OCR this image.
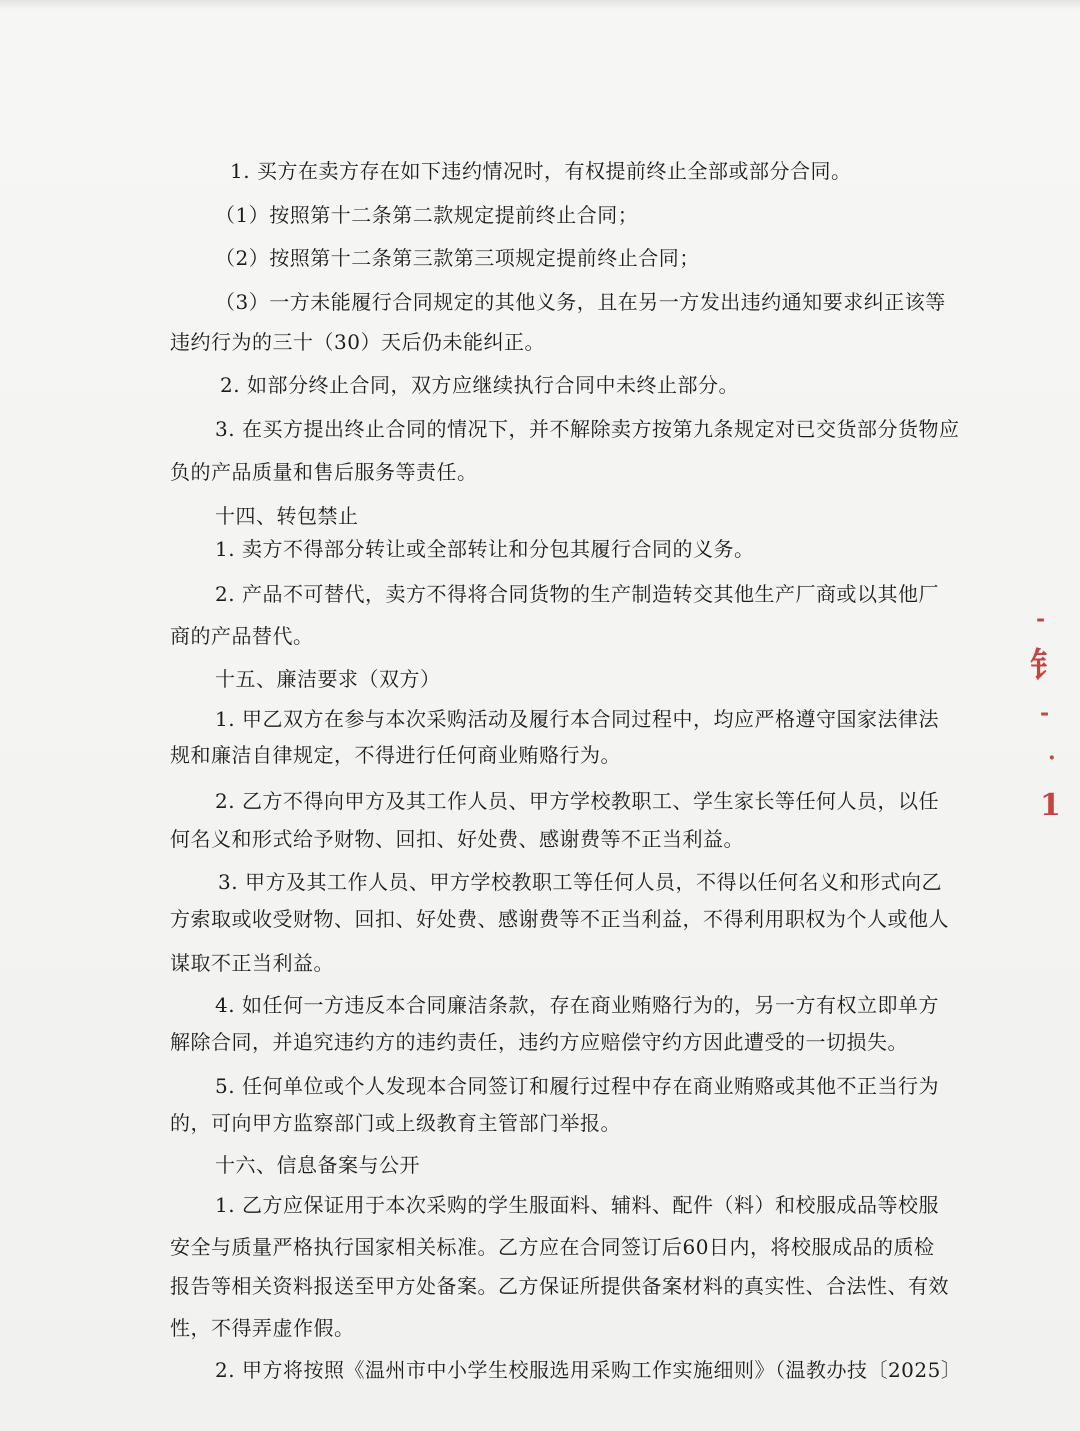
1. 买方在卖方存在如下违约情况时，有权提前终止全部或部分合同。
（1）按照第十二条第二款规定提前终止合同；
（2）按照第十二条第三款第三项规定提前终止合同；
（3）一方未能履行合同规定的其他义务，且在另一方发出违约通知要求纠正该等
违约行为的三十（30）天后仍未能纠正。
2. 如部分终止合同，双方应继续执行合同中未终止部分。
3. 在买方提出终止合同的情况下，并不解除卖方按第九条规定对已交货部分货物应
负的产品质量和售后服务等责任。
十四、转包禁止
1. 卖方不得部分转让或全部转让和分包其履行合同的义务。
2. 产品不可替代，卖方不得将合同货物的生产制造转交其他生产厂商或以其他厂
商的产品替代。
十五、廉洁要求（双方）
1. 甲乙双方在参与本次采购活动及履行本合同过程中，均应严格遵守国家法律法
规和廉洁自律规定，不得进行任何商业贿赂行为。
2. 乙方不得向甲方及其工作人员、甲方学校教职工、学生家长等任何人员，以任
何名义和形式给予财物、回扣、好处费、感谢费等不正当利益。
3. 甲方及其工作人员、甲方学校教职工等任何人员，不得以任何名义和形式向乙
方索取或收受财物、回扣、好处费、感谢费等不正当利益，不得利用职权为个人或他人
谋取不正当利益。
4. 如任何一方违反本合同廉洁条款，存在商业贿赂行为的，另一方有权立即单方
解除合同，并追究违约方的违约责任，违约方应赔偿守约方因此遭受的一切损失。
5. 任何单位或个人发现本合同签订和履行过程中存在商业贿赂或其他不正当行为
的，可向甲方监察部门或上级教育主管部门举报。
十六、信息备案与公开
1. 乙方应保证用于本次采购的学生服面料、辅料、配件（料）和校服成品等校服
安全与质量严格执行国家相关标准。乙方应在合同签订后60日内，将校服成品的质检
报告等相关资料报送至甲方处备案。乙方保证所提供备案材料的真实性、合法性、有效
性，不得弄虚作假。
2. 甲方将按照《温州市中小学生校服选用采购工作实施细则》（温教办技〔2025〕
-
钅
-
·
1
